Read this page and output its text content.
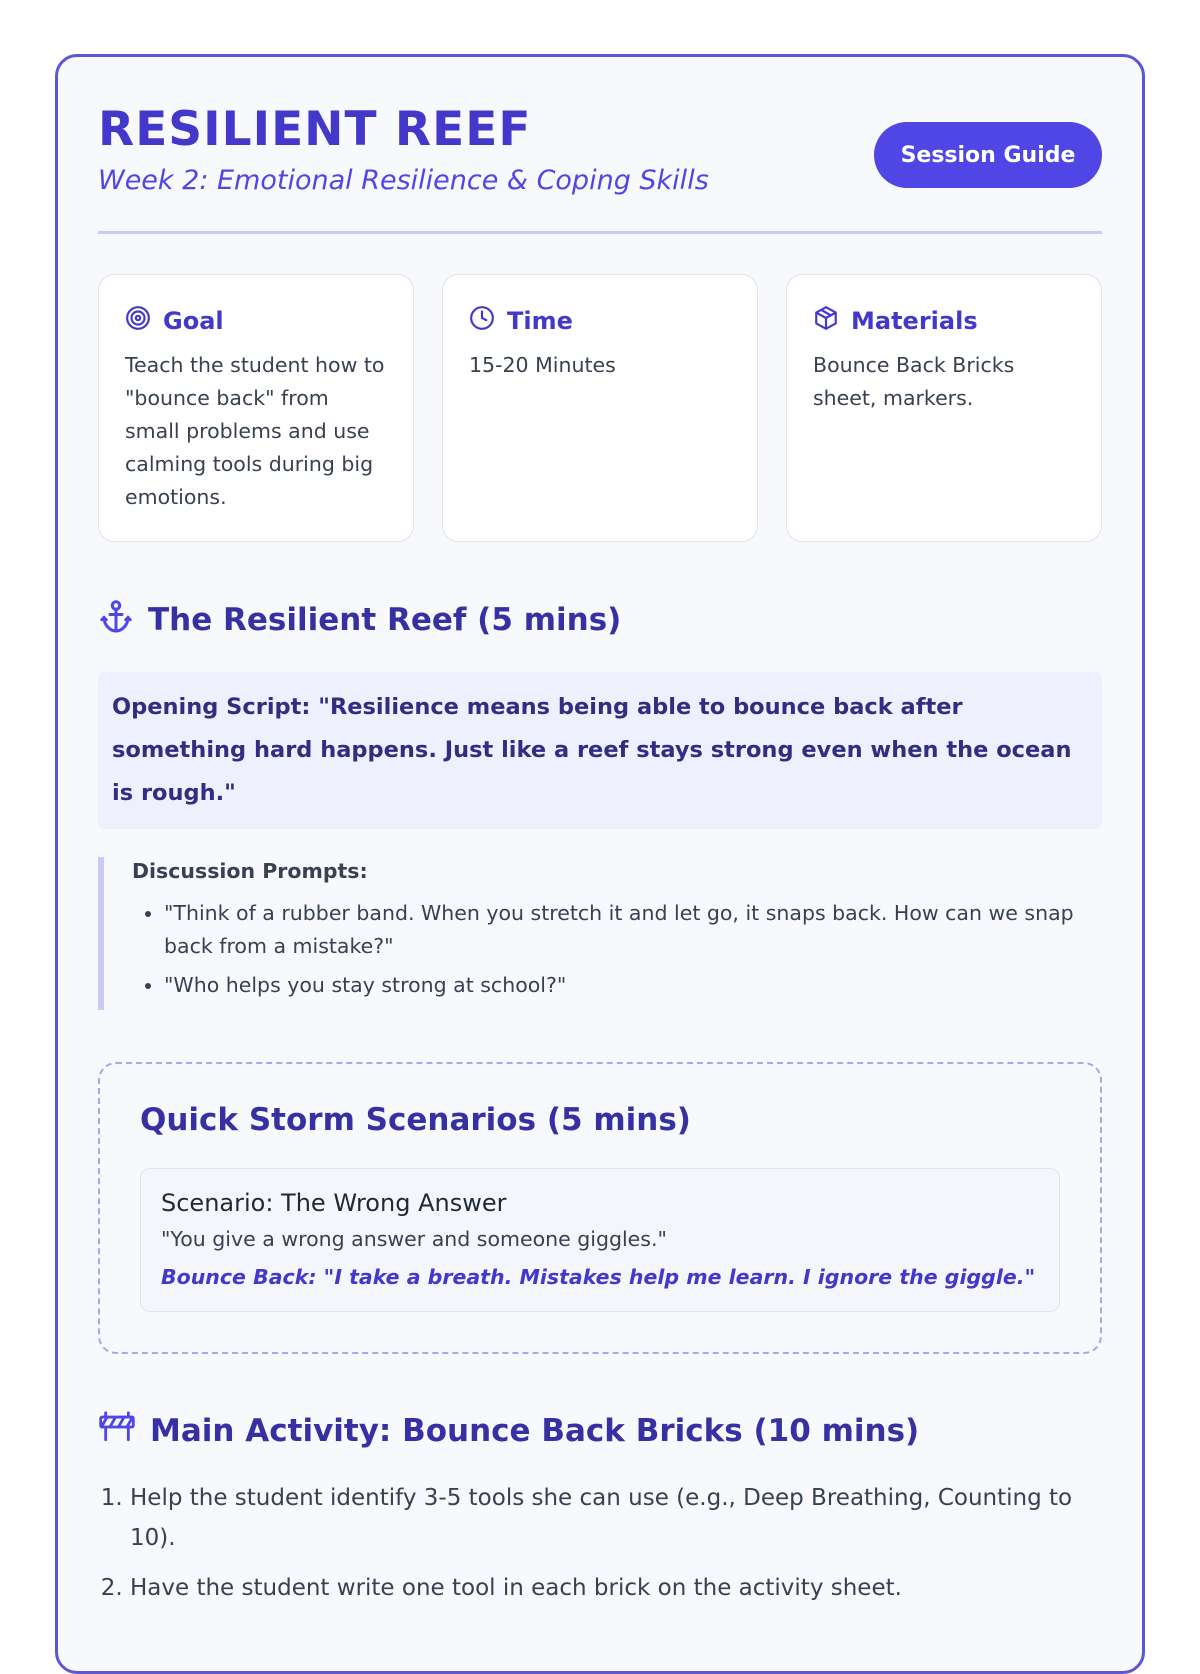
RESILIENT REEF

Week 2: Emotional Resilience & Coping Skills

Session Guide
Goal
Teach the student how to "bounce back" from small problems and use calming tools during big emotions.
Time
15-20 Minutes
Materials
Bounce Back Bricks sheet, markers.
The Resilient Reef (5 mins)
Opening Script: "Resilience means being able to bounce back after something hard happens. Just like a reef stays strong even when the ocean is rough."
Discussion Prompts:
• "Think of a rubber band. When you stretch it and let go, it snaps back. How can we snap back from a mistake?"
• "Who helps you stay strong at school?"
Quick Storm Scenarios (5 mins)
Scenario: The Wrong Answer
"You give a wrong answer and someone giggles."
Bounce Back: "I take a breath. Mistakes help me learn. I ignore the giggle."
Main Activity: Bounce Back Bricks (10 mins)
1. Help the student identify 3-5 tools she can use (e.g., Deep Breathing, Counting to 10).
2. Have the student write one tool in each brick on the activity sheet.
